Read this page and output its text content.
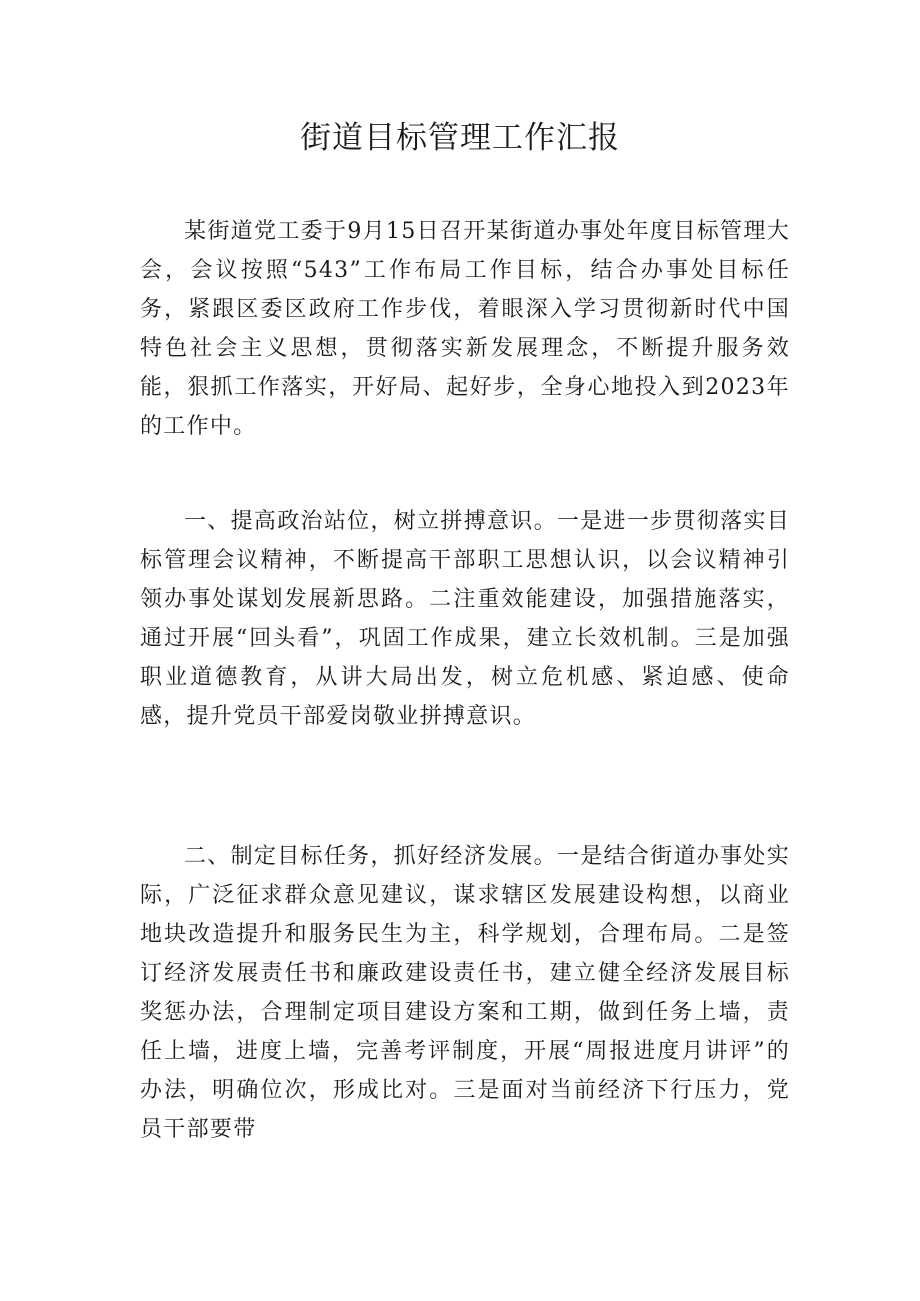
街道目标管理工作汇报

某街道党工委于9月15日召开某街道办事处年度目标管理大会，会议按照“543”工作布局工作目标，结合办事处目标任务，紧跟区委区政府工作步伐，着眼深入学习贯彻新时代中国特色社会主义思想，贯彻落实新发展理念，不断提升服务效能，狠抓工作落实，开好局、起好步，全身心地投入到2023年的工作中。

一、提高政治站位，树立拼搏意识。一是进一步贯彻落实目标管理会议精神，不断提高干部职工思想认识，以会议精神引领办事处谋划发展新思路。二注重效能建设，加强措施落实，通过开展“回头看”，巩固工作成果，建立长效机制。三是加强职业道德教育，从讲大局出发，树立危机感、紧迫感、使命感，提升党员干部爱岗敬业拼搏意识。

二、制定目标任务，抓好经济发展。一是结合街道办事处实际，广泛征求群众意见建议，谋求辖区发展建设构想，以商业地块改造提升和服务民生为主，科学规划，合理布局。二是签订经济发展责任书和廉政建设责任书，建立健全经济发展目标奖惩办法，合理制定项目建设方案和工期，做到任务上墙，责任上墙，进度上墙，完善考评制度，开展“周报进度月讲评”的办法，明确位次，形成比对。三是面对当前经济下行压力，党员干部要带
